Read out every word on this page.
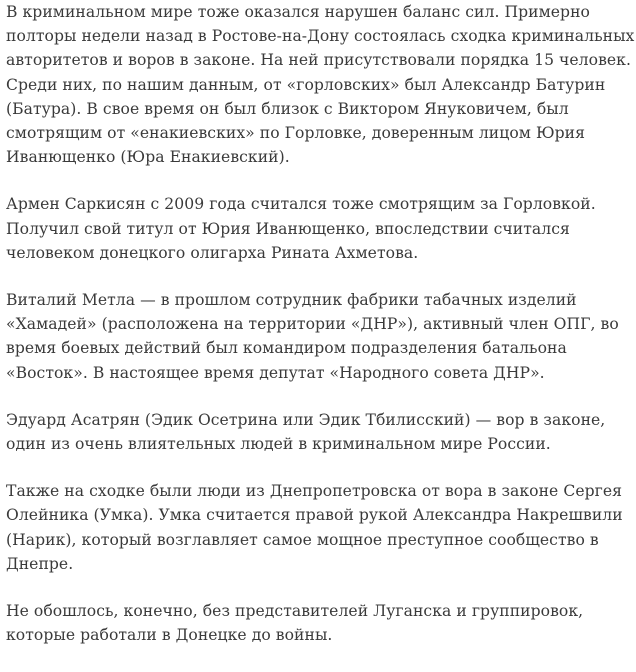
В криминальном мире тоже оказался нарушен баланс сил. Примерно
полторы недели назад в Ростове-на-Дону состоялась сходка криминальных
авторитетов и воров в законе. На ней присутствовали порядка 15 человек.
Среди них, по нашим данным, от «горловских» был Александр Батурин
(Батура). В свое время он был близок с Виктором Януковичем, был
смотрящим от «енакиевских» по Горловке, доверенным лицом Юрия
Иванющенко (Юра Енакиевский).

Армен Саркисян с 2009 года считался тоже смотрящим за Горловкой.
Получил свой титул от Юрия Иванющенко, впоследствии считался
человеком донецкого олигарха Рината Ахметова.

Виталий Метла — в прошлом сотрудник фабрики табачных изделий
«Хамадей» (расположена на территории «ДНР»), активный член ОПГ, во
время боевых действий был командиром подразделения батальона
«Восток». В настоящее время депутат «Народного совета ДНР».

Эдуард Асатрян (Эдик Осетрина или Эдик Тбилисский) — вор в законе,
один из очень влиятельных людей в криминальном мире России.

Также на сходке были люди из Днепропетровска от вора в законе Сергея
Олейника (Умка). Умка считается правой рукой Александра Накрешвили
(Нарик), который возглавляет самое мощное преступное сообщество в
Днепре.

Не обошлось, конечно, без представителей Луганска и группировок,
которые работали в Донецке до войны.
